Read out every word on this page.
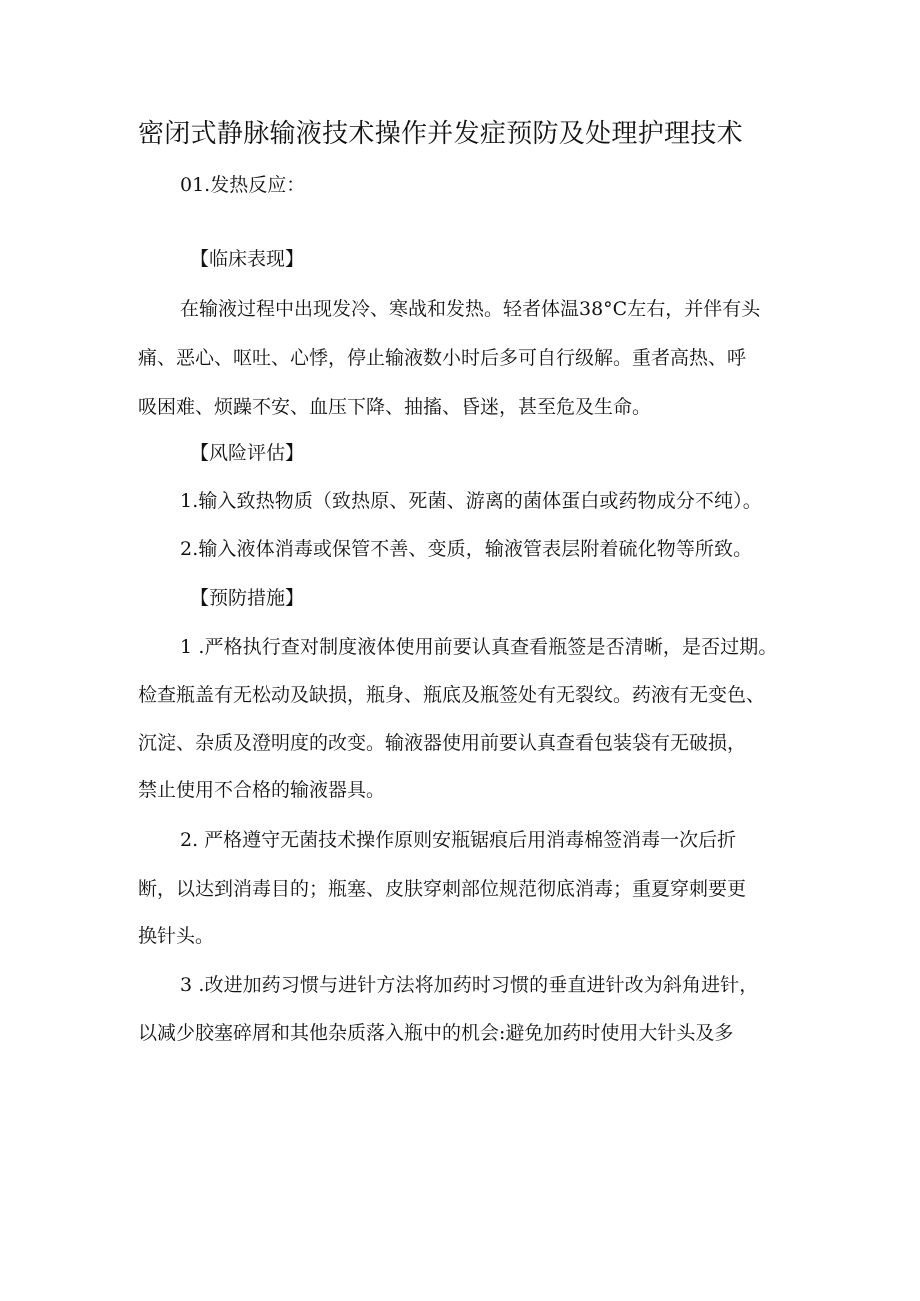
密闭式静脉输液技术操作并发症预防及处理护理技术
01.发热反应：
【临床表现】
在输液过程中出现发冷、寒战和发热。轻者体温38°C左右，并伴有头
痛、恶心、呕吐、心悸，停止输液数小时后多可自行级解。重者高热、呼
吸困难、烦躁不安、血压下降、抽搐、昏迷，甚至危及生命。
【风险评估】
1.输入致热物质（致热原、死菌、游离的菌体蛋白或药物成分不纯）。
2.输入液体消毒或保管不善、变质，输液管表层附着硫化物等所致。
【预防措施】
1 .严格执行查对制度液体使用前要认真查看瓶签是否清晰，是否过期。
检查瓶盖有无松动及缺损，瓶身、瓶底及瓶签处有无裂纹。药液有无变色、
沉淀、杂质及澄明度的改变。输液器使用前要认真查看包装袋有无破损，
禁止使用不合格的输液器具。
2. 严格遵守无菌技术操作原则安瓶锯痕后用消毒棉签消毒一次后折
断，以达到消毒目的；瓶塞、皮肤穿刺部位规范彻底消毒；重夏穿刺要更
换针头。
3 .改进加药习惯与进针方法将加药时习惯的垂直进针改为斜角进针，
以减少胶塞碎屑和其他杂质落入瓶中的机会:避免加药时使用大针头及多
